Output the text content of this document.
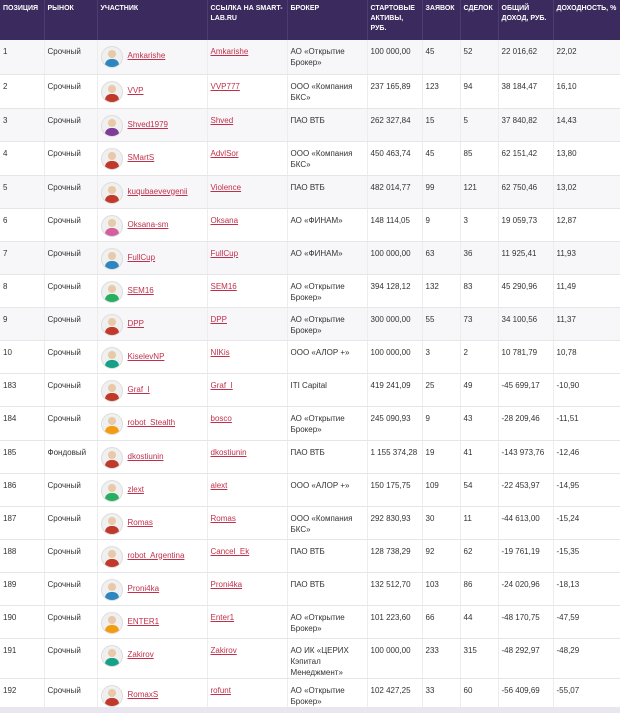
ПОЗИЦИЯ	РЫНОК	УЧАСТНИК	ССЫЛКА НА SMART-LAB.RU	БРОКЕР	СТАРТОВЫЕ АКТИВЫ, РУБ.	ЗАЯВОК	СДЕЛОК	ОБЩИЙ ДОХОД, РУБ.	ДОХОДНОСТЬ, %
1	Срочный	Amkarishe	Amkarishe	АО «Открытие Брокер»	100 000,00	45	52	22 016,62	22,02
2	Срочный	VVP	VVP777	ООО «Компания БКС»	237 165,89	123	94	38 184,47	16,10
3	Срочный	Shved1979	Shved	ПАО ВТБ	262 327,84	15	5	37 840,82	14,43
4	Срочный	SMartS	AdvlSor	ООО «Компания БКС»	450 463,74	45	85	62 151,42	13,80
5	Срочный	kuqubaevevgenii	Violence	ПАО ВТБ	482 014,77	99	121	62 750,46	13,02
6	Срочный	Oksana-sm	Oksana	АО «ФИНАМ»	148 114,05	9	3	19 059,73	12,87
7	Срочный	FullCup	FullCup	АО «ФИНАМ»	100 000,00	63	36	11 925,41	11,93
8	Срочный	SEM16	SEM16	АО «Открытие Брокер»	394 128,12	132	83	45 290,96	11,49
9	Срочный	DPP	DPP	АО «Открытие Брокер»	300 000,00	55	73	34 100,56	11,37
10	Срочный	KiselevNP	NIKis	ООО «АЛОР +»	100 000,00	3	2	10 781,79	10,78
183	Срочный	Graf_I	Graf_I	ITI Capital	419 241,09	25	49	-45 699,17	-10,90
184	Срочный	robot_Stealth	bosco	АО «Открытие Брокер»	245 090,93	9	43	-28 209,46	-11,51
185	Фондовый	dkostiunin	dkostiunin	ПАО ВТБ	1 155 374,28	19	41	-143 973,76	-12,46
186	Срочный	zlext	alext	ООО «АЛОР +»	150 175,75	109	54	-22 453,97	-14,95
187	Срочный	Romas	Romas	ООО «Компания БКС»	292 830,93	30	11	-44 613,00	-15,24
188	Срочный	robot_Argentina	Cancel_Ek	ПАО ВТБ	128 738,29	92	62	-19 761,19	-15,35
189	Срочный	Proni4ka	Proni4ka	ПАО ВТБ	132 512,70	103	86	-24 020,96	-18,13
190	Срочный	ENTER1	Enter1	АО «Открытие Брокер»	101 223,60	66	44	-48 170,75	-47,59
191	Срочный	Zakirov	Zakirov	АО ИК «ЦЕРИХ Кэпитал Менеджмент»	100 000,00	233	315	-48 292,97	-48,29
192	Срочный	RomaxS	rofunt	АО «Открытие Брокер»	102 427,25	33	60	-56 409,69	-55,07
